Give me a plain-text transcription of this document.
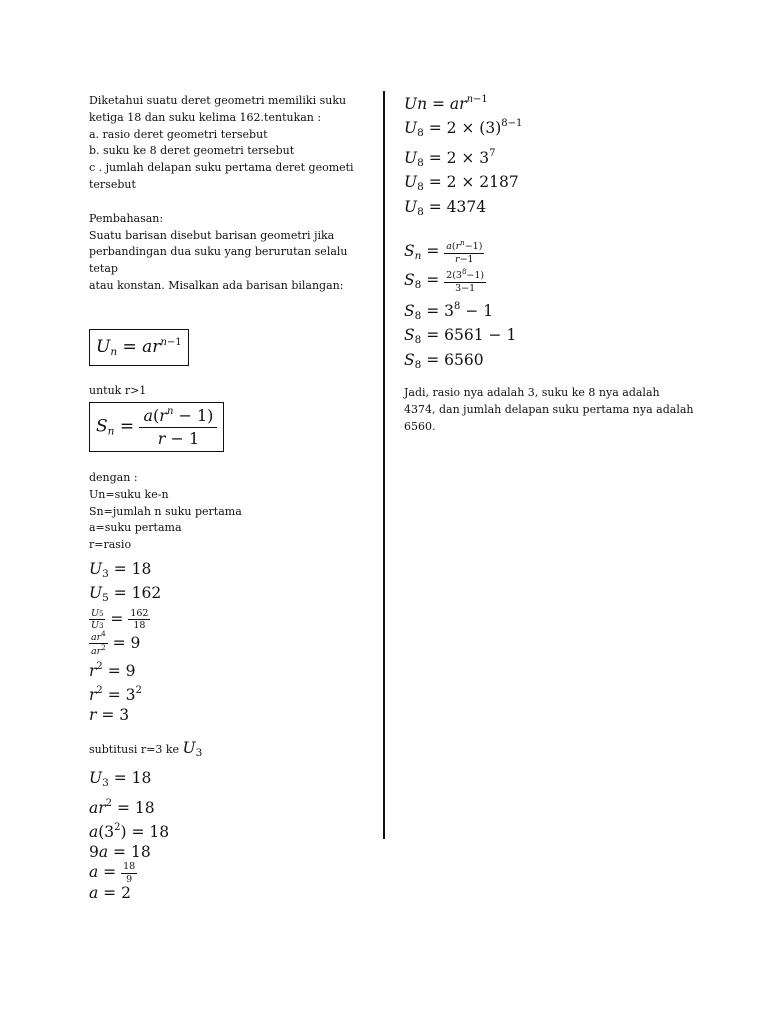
Diketahui suatu deret geometri memiliki suku
ketiga 18 dan suku kelima 162.tentukan :
a. rasio deret geometri tersebut
b. suku ke 8 deret geometri tersebut
c . jumlah delapan suku pertama deret geometi
tersebut
Pembahasan:
Suatu barisan disebut barisan geometri jika
perbandingan dua suku yang berurutan selalu tetap
atau konstan. Misalkan ada barisan bilangan:
$U_n = ar^{n-1}$
untuk r>1
$S_n = \frac{a(r^n - 1)}{r - 1}$
dengan :
Un=suku ke-n
Sn=jumlah n suku pertama
a=suku pertama
r=rasio
$U_3 = 18$
$U_5 = 162$
$\frac{U5}{U3} = \frac{162}{18}$
$\frac{ar^4}{ar^2} = 9$
$r^2 = 9$
$r^2 = 3^2$
r = 3
subtitusi r=3 ke $U_3$
$U_3 = 18$
$ar^2 = 18$
$a(3^2) = 18$
9a = 18
$a = \frac{18}{9}$
a = 2
$Un = ar^{n-1}$
$U_8 = 2 \times (3)^{8-1}$
$U_8 = 2 \times 3^7$
$U_8 = 2 \times 2187$
$U_8 = 4374$
$S_n = \frac{a(r^n-1)}{r-1}$
$S_8 = \frac{2(3^8-1)}{3-1}$
$S_8 = 3^8 - 1$
$S_8 = 6561 - 1$
$S_8 = 6560$
Jadi, rasio nya adalah 3, suku ke 8 nya adalah
4374, dan jumlah delapan suku pertama nya adalah
6560.
